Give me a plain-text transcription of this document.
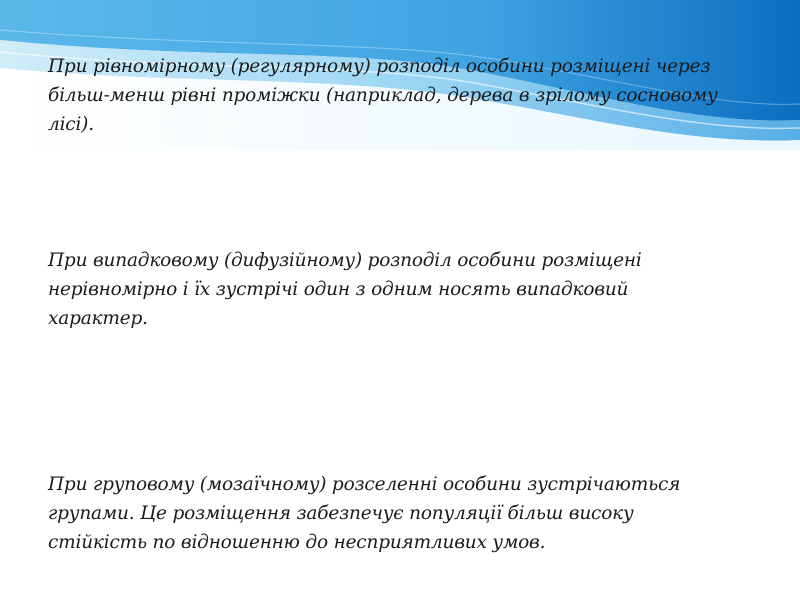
При рівномірному (регулярному) розподіл особини розміщені через більш-менш рівні проміжки (наприклад, дерева в зрілому сосновому лісі).

При випадковому (дифузійному) розподіл особини розміщені нерівномірно і їх зустрічі один з одним носять випадковий характер.

При груповому (мозаїчному) розселенні особини зустрічаються групами. Це розміщення забезпечує популяції більш високу стійкість по відношенню до несприятливих умов.
